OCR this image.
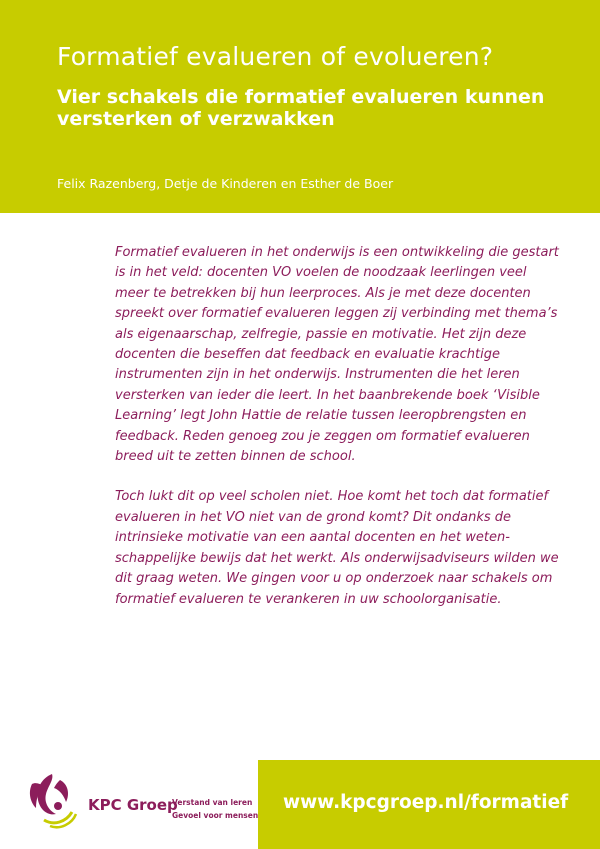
Formatief evalueren of evolueren?
Vier schakels die formatief evalueren kunnen versterken of verzwakken

Felix Razenberg, Detje de Kinderen en Esther de Boer

Formatief evalueren in het onderwijs is een ontwikkeling die gestart is in het veld: docenten VO voelen de noodzaak leerlingen veel meer te betrekken bij hun leerproces. Als je met deze docenten spreekt over formatief evalueren leggen zij verbinding met thema’s als eigenaarschap, zelfregie, passie en motivatie. Het zijn deze docenten die beseffen dat feedback en evaluatie krachtige instrumenten zijn in het onderwijs. Instrumenten die het leren versterken van ieder die leert. In het baanbrekende boek ‘Visible Learning’ legt John Hattie de relatie tussen leeropbrengsten en feedback. Reden genoeg zou je zeggen om formatief evalueren breed uit te zetten binnen de school.

Toch lukt dit op veel scholen niet. Hoe komt het toch dat formatief evalueren in het VO niet van de grond komt? Dit ondanks de intrinsieke motivatie van een aantal docenten en het weten-schappelijke bewijs dat het werkt. Als onderwijsadviseurs wilden we dit graag weten. We gingen voor u op onderzoek naar schakels om formatief evalueren te verankeren in uw schoolorganisatie.

KPC Groep
Verstand van leren
Gevoel voor mensen
www.kpcgroep.nl/formatief
